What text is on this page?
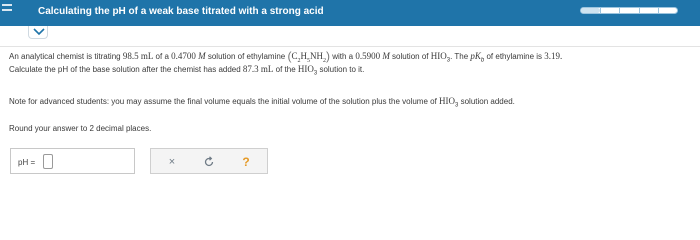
Calculating the pH of a weak base titrated with a strong acid
An analytical chemist is titrating 98.5 mL of a 0.4700 M solution of ethylamine $(C_2H_5NH_2)$ with a 0.5900 M solution of $HIO_3$. The $pK_b$ of ethylamine is 3.19.
Calculate the pH of the base solution after the chemist has added 87.3 mL of the $HIO_3$ solution to it.
Note for advanced students: you may assume the final volume equals the initial volume of the solution plus the volume of $HIO_3$ solution added.
Round your answer to 2 decimal places.
pH =	×	?
